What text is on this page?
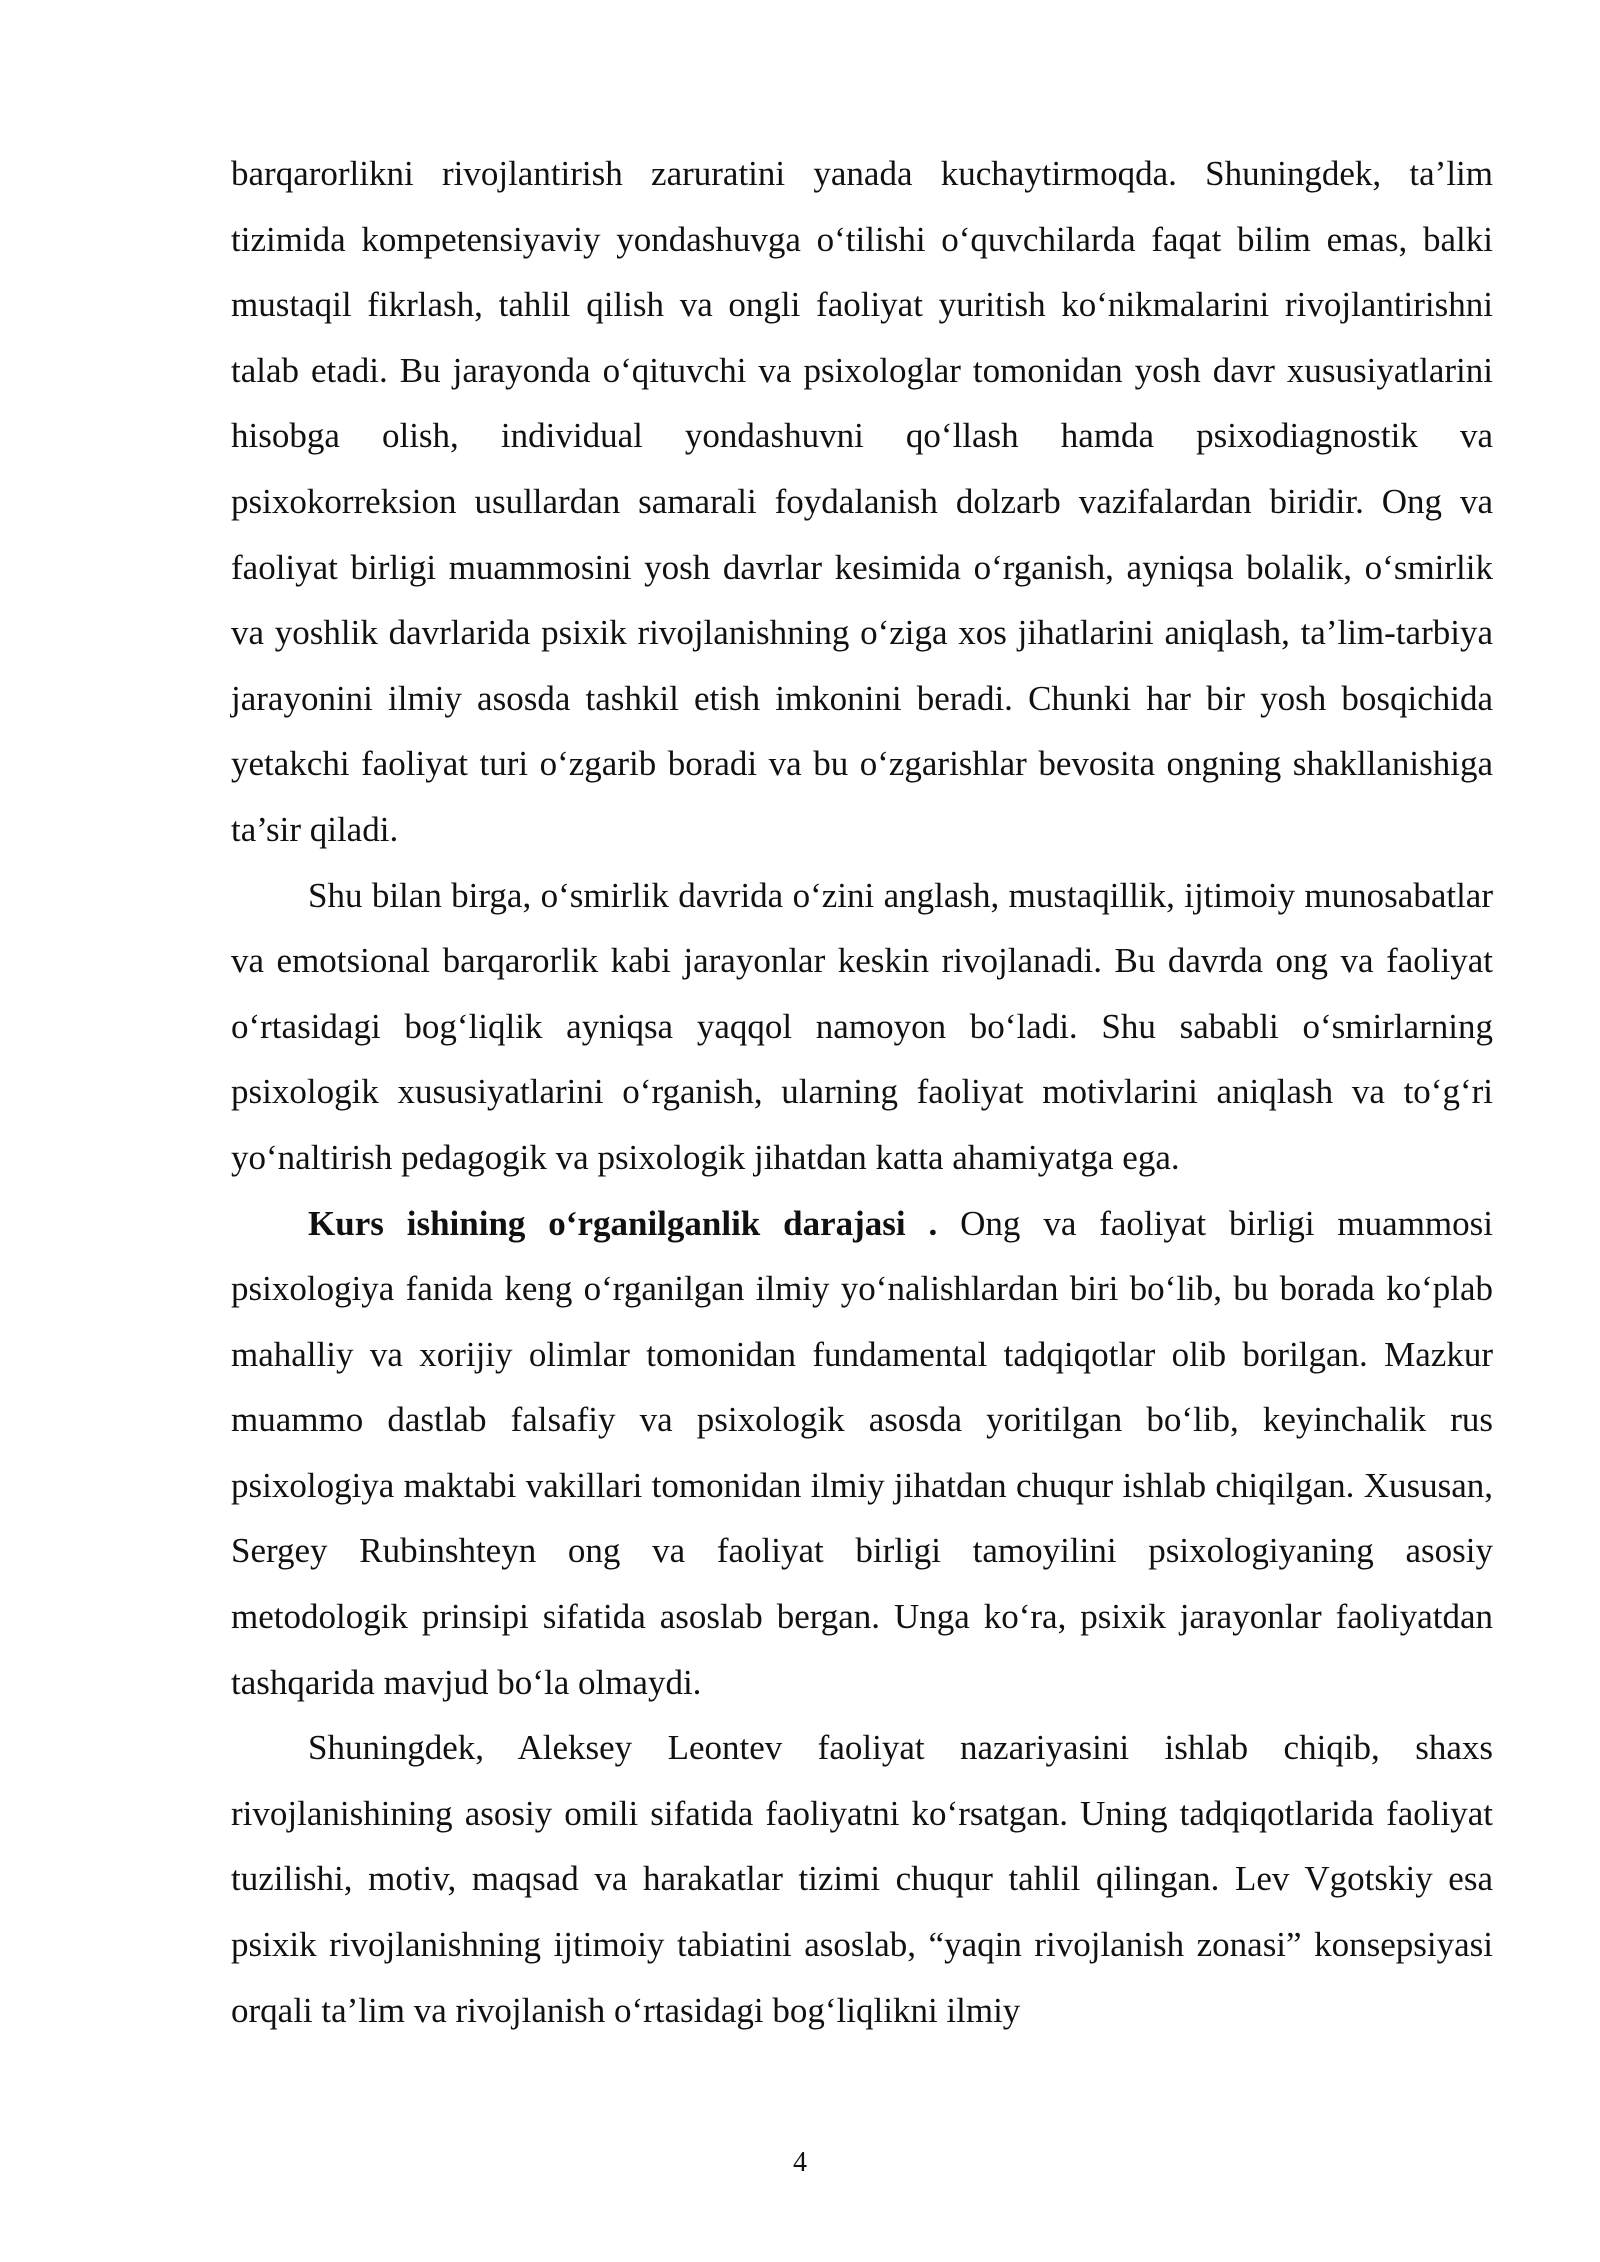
barqarorlikni rivojlantirish zaruratini yanada kuchaytirmoqda. Shuningdek, ta’lim tizimida kompetensiyaviy yondashuvga o‘tilishi o‘quvchilarda faqat bilim emas, balki mustaqil fikrlash, tahlil qilish va ongli faoliyat yuritish ko‘nikmalarini rivojlantirishni talab etadi. Bu jarayonda o‘qituvchi va psixologlar tomonidan yosh davr xususiyatlarini hisobga olish, individual yondashuvni qo‘llash hamda psixodiagnostik va psixokorreksion usullardan samarali foydalanish dolzarb vazifalardan biridir. Ong va faoliyat birligi muammosini yosh davrlar kesimida o‘rganish, ayniqsa bolalik, o‘smirlik va yoshlik davrlarida psixik rivojlanishning o‘ziga xos jihatlarini aniqlash, ta’lim-tarbiya jarayonini ilmiy asosda tashkil etish imkonini beradi. Chunki har bir yosh bosqichida yetakchi faoliyat turi o‘zgarib boradi va bu o‘zgarishlar bevosita ongning shakllanishiga ta’sir qiladi.

Shu bilan birga, o‘smirlik davrida o‘zini anglash, mustaqillik, ijtimoiy munosabatlar va emotsional barqarorlik kabi jarayonlar keskin rivojlanadi. Bu davrda ong va faoliyat o‘rtasidagi bog‘liqlik ayniqsa yaqqol namoyon bo‘ladi. Shu sababli o‘smirlarning psixologik xususiyatlarini o‘rganish, ularning faoliyat motivlarini aniqlash va to‘g‘ri yo‘naltirish pedagogik va psixologik jihatdan katta ahamiyatga ega.

Kurs ishining o‘rganilganlik darajasi . Ong va faoliyat birligi muammosi psixologiya fanida keng o‘rganilgan ilmiy yo‘nalishlardan biri bo‘lib, bu borada ko‘plab mahalliy va xorijiy olimlar tomonidan fundamental tadqiqotlar olib borilgan. Mazkur muammo dastlab falsafiy va psixologik asosda yoritilgan bo‘lib, keyinchalik rus psixologiya maktabi vakillari tomonidan ilmiy jihatdan chuqur ishlab chiqilgan. Xususan, Sergey Rubinshteyn ong va faoliyat birligi tamoyilini psixologiyaning asosiy metodologik prinsipi sifatida asoslab bergan. Unga ko‘ra, psixik jarayonlar faoliyatdan tashqarida mavjud bo‘la olmaydi.

Shuningdek, Aleksey Leontev faoliyat nazariyasini ishlab chiqib, shaxs rivojlanishining asosiy omili sifatida faoliyatni ko‘rsatgan. Uning tadqiqotlarida faoliyat tuzilishi, motiv, maqsad va harakatlar tizimi chuqur tahlil qilingan. Lev Vgotskiy esa psixik rivojlanishning ijtimoiy tabiatini asoslab, “yaqin rivojlanish zonasi” konsepsiyasi orqali ta’lim va rivojlanish o‘rtasidagi bog‘liqlikni ilmiy

4
